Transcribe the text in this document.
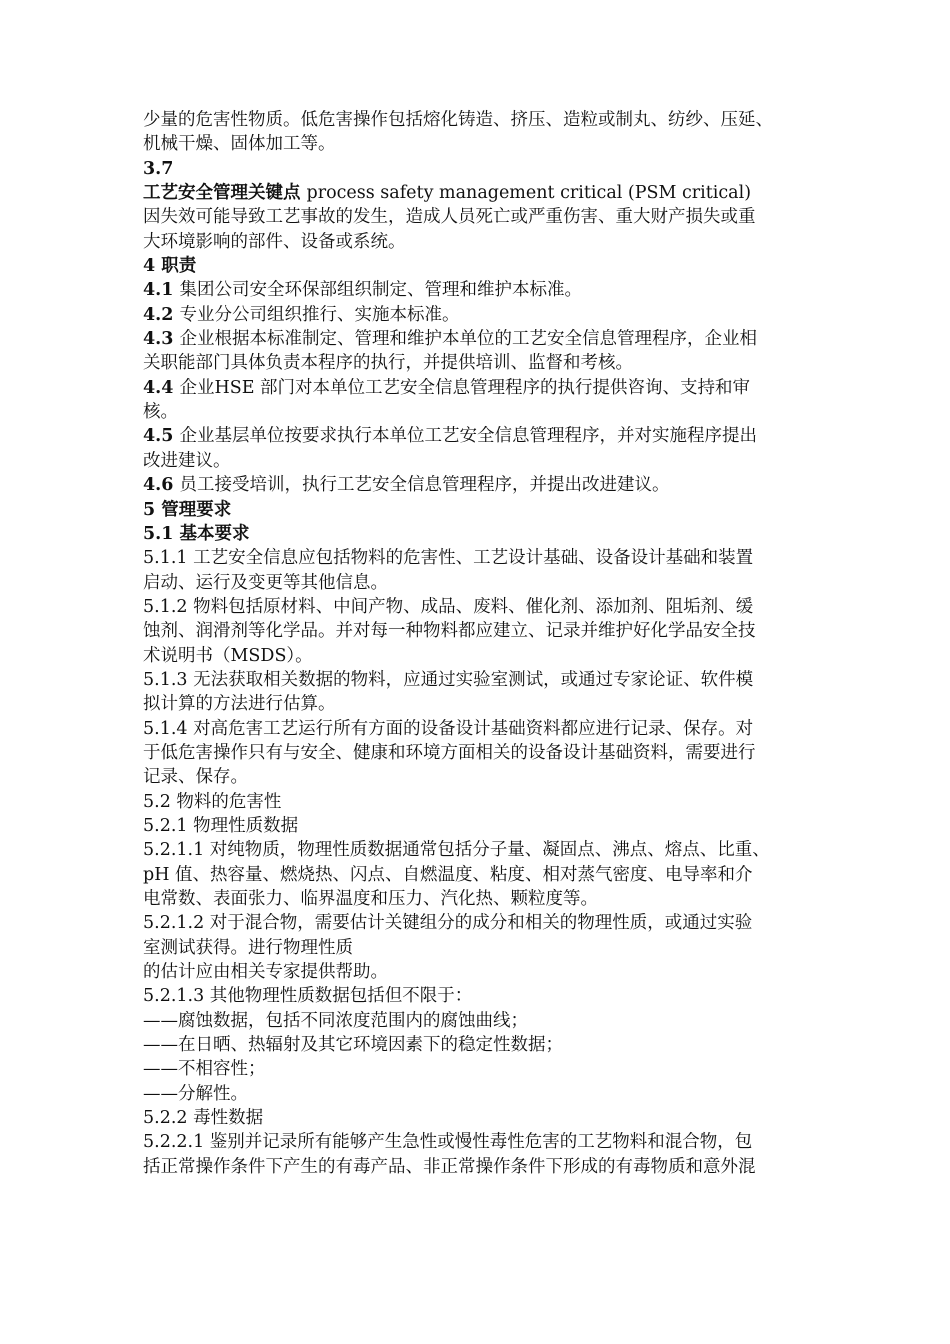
少量的危害性物质。低危害操作包括熔化铸造、挤压、造粒或制丸、纺纱、压延、
机械干燥、固体加工等。
3.7
工艺安全管理关键点 process safety management critical (PSM critical)
因失效可能导致工艺事故的发生，造成人员死亡或严重伤害、重大财产损失或重
大环境影响的部件、设备或系统。
4 职责
4.1 集团公司安全环保部组织制定、管理和维护本标准。
4.2 专业分公司组织推行、实施本标准。
4.3 企业根据本标准制定、管理和维护本单位的工艺安全信息管理程序，企业相
关职能部门具体负责本程序的执行，并提供培训、监督和考核。
4.4 企业HSE 部门对本单位工艺安全信息管理程序的执行提供咨询、支持和审
核。
4.5 企业基层单位按要求执行本单位工艺安全信息管理程序，并对实施程序提出
改进建议。
4.6 员工接受培训，执行工艺安全信息管理程序，并提出改进建议。
5 管理要求
5.1 基本要求
5.1.1 工艺安全信息应包括物料的危害性、工艺设计基础、设备设计基础和装置
启动、运行及变更等其他信息。
5.1.2 物料包括原材料、中间产物、成品、废料、催化剂、添加剂、阻垢剂、缓
蚀剂、润滑剂等化学品。并对每一种物料都应建立、记录并维护好化学品安全技
术说明书（MSDS）。
5.1.3 无法获取相关数据的物料，应通过实验室测试，或通过专家论证、软件模
拟计算的方法进行估算。
5.1.4 对高危害工艺运行所有方面的设备设计基础资料都应进行记录、保存。对
于低危害操作只有与安全、健康和环境方面相关的设备设计基础资料，需要进行
记录、保存。
5.2 物料的危害性
5.2.1 物理性质数据
5.2.1.1 对纯物质，物理性质数据通常包括分子量、凝固点、沸点、熔点、比重、
pH 值、热容量、燃烧热、闪点、自燃温度、粘度、相对蒸气密度、电导率和介
电常数、表面张力、临界温度和压力、汽化热、颗粒度等。
5.2.1.2 对于混合物，需要估计关键组分的成分和相关的物理性质，或通过实验
室测试获得。进行物理性质
的估计应由相关专家提供帮助。
5.2.1.3 其他物理性质数据包括但不限于：
——腐蚀数据，包括不同浓度范围内的腐蚀曲线；
——在日晒、热辐射及其它环境因素下的稳定性数据；
——不相容性；
——分解性。
5.2.2 毒性数据
5.2.2.1 鉴别并记录所有能够产生急性或慢性毒性危害的工艺物料和混合物，包
括正常操作条件下产生的有毒产品、非正常操作条件下形成的有毒物质和意外混
